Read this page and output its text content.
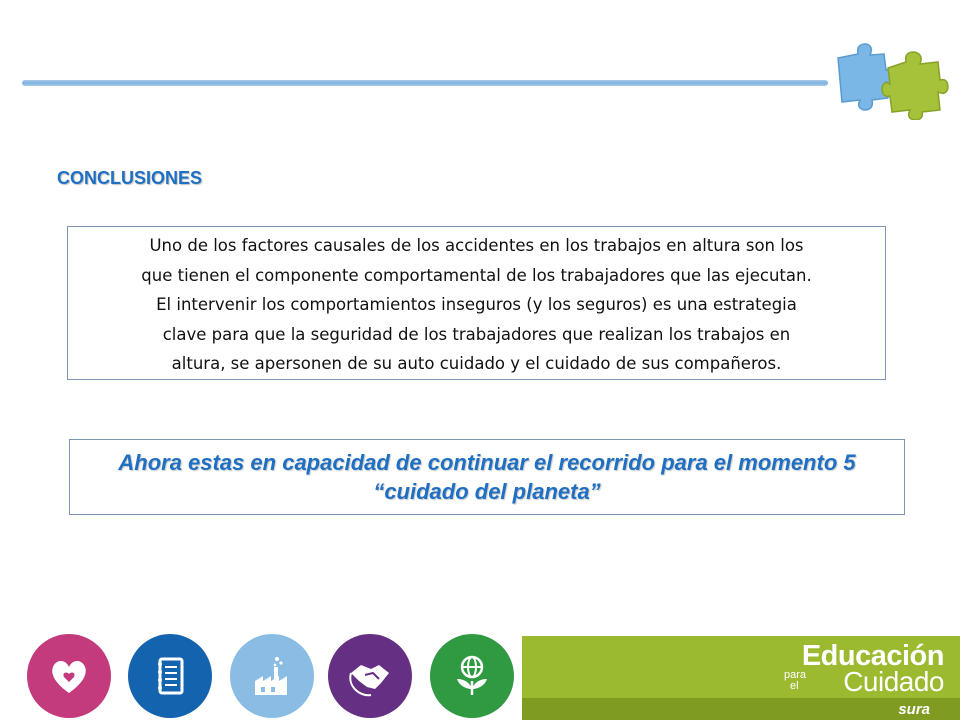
CONCLUSIONES
Uno de los factores causales de los accidentes en los trabajos en altura son los
que tienen el componente comportamental de los trabajadores que las ejecutan.
El intervenir los comportamientos inseguros (y los seguros) es una estrategia
clave para que la seguridad de los trabajadores que realizan los trabajos en
altura, se apersonen de su auto cuidado y el cuidado de sus compañeros.
Ahora estas en capacidad de continuar el recorrido para el momento 5
“cuidado del planeta”
Educación
para
el Cuidado
sura
